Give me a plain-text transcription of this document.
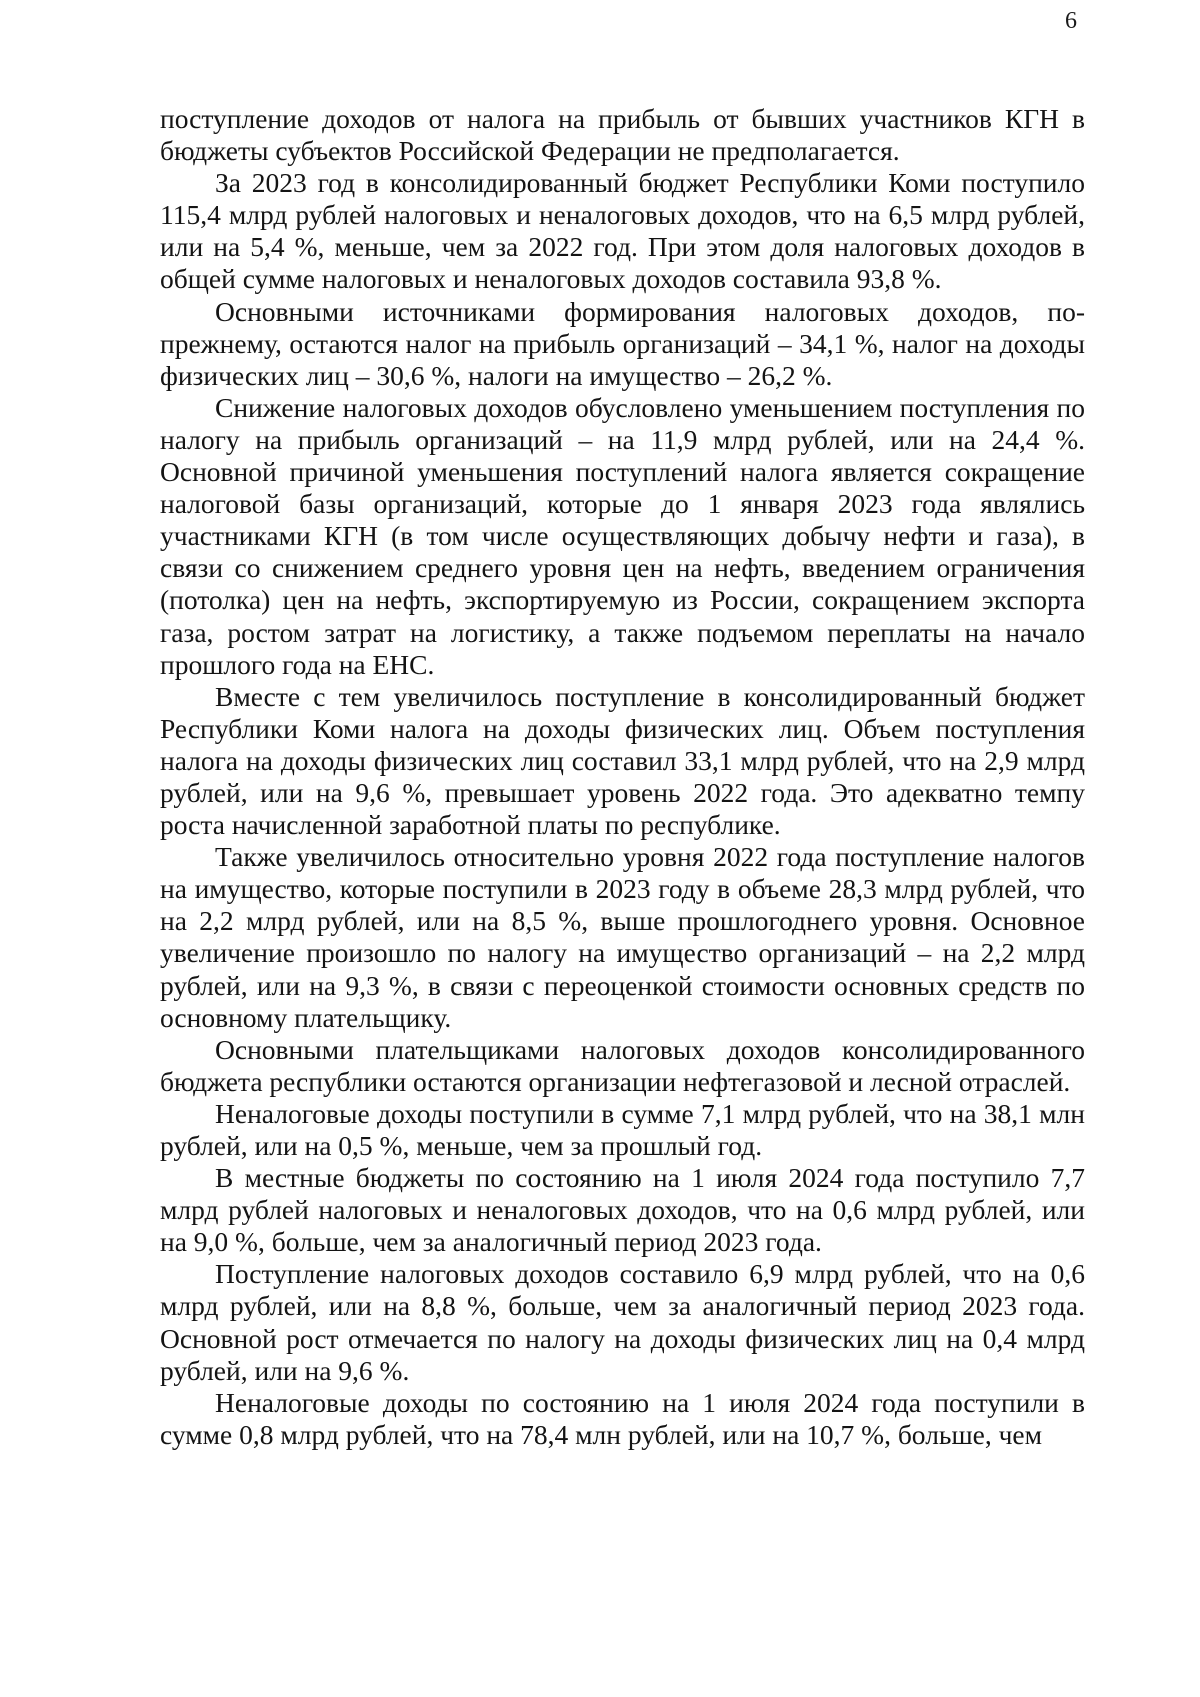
6

поступление доходов от налога на прибыль от бывших участников КГН в бюджеты субъектов Российской Федерации не предполагается.

За 2023 год в консолидированный бюджет Республики Коми поступило 115,4 млрд рублей налоговых и неналоговых доходов, что на 6,5 млрд рублей, или на 5,4 %, меньше, чем за 2022 год. При этом доля налоговых доходов в общей сумме налоговых и неналоговых доходов составила 93,8 %.

Основными источниками формирования налоговых доходов, по-прежнему, остаются налог на прибыль организаций – 34,1 %, налог на доходы физических лиц – 30,6 %, налоги на имущество – 26,2 %.

Снижение налоговых доходов обусловлено уменьшением поступления по налогу на прибыль организаций – на 11,9 млрд рублей, или на 24,4 %. Основной причиной уменьшения поступлений налога является сокращение налоговой базы организаций, которые до 1 января 2023 года являлись участниками КГН (в том числе осуществляющих добычу нефти и газа), в связи со снижением среднего уровня цен на нефть, введением ограничения (потолка) цен на нефть, экспортируемую из России, сокращением экспорта газа, ростом затрат на логистику, а также подъемом переплаты на начало прошлого года на ЕНС.

Вместе с тем увеличилось поступление в консолидированный бюджет Республики Коми налога на доходы физических лиц. Объем поступления налога на доходы физических лиц составил 33,1 млрд рублей, что на 2,9 млрд рублей, или на 9,6 %, превышает уровень 2022 года. Это адекватно темпу роста начисленной заработной платы по республике.

Также увеличилось относительно уровня 2022 года поступление налогов на имущество, которые поступили в 2023 году в объеме 28,3 млрд рублей, что на 2,2 млрд рублей, или на 8,5 %, выше прошлогоднего уровня. Основное увеличение произошло по налогу на имущество организаций – на 2,2 млрд рублей, или на 9,3 %, в связи с переоценкой стоимости основных средств по основному плательщику.

Основными плательщиками налоговых доходов консолидированного бюджета республики остаются организации нефтегазовой и лесной отраслей.

Неналоговые доходы поступили в сумме 7,1 млрд рублей, что на 38,1 млн рублей, или на 0,5 %, меньше, чем за прошлый год.

В местные бюджеты по состоянию на 1 июля 2024 года поступило 7,7 млрд рублей налоговых и неналоговых доходов, что на 0,6 млрд рублей, или на 9,0 %, больше, чем за аналогичный период 2023 года.

Поступление налоговых доходов составило 6,9 млрд рублей, что на 0,6 млрд рублей, или на 8,8 %, больше, чем за аналогичный период 2023 года. Основной рост отмечается по налогу на доходы физических лиц на 0,4 млрд рублей, или на 9,6 %.

Неналоговые доходы по состоянию на 1 июля 2024 года поступили в сумме 0,8 млрд рублей, что на 78,4 млн рублей, или на 10,7 %, больше, чем
